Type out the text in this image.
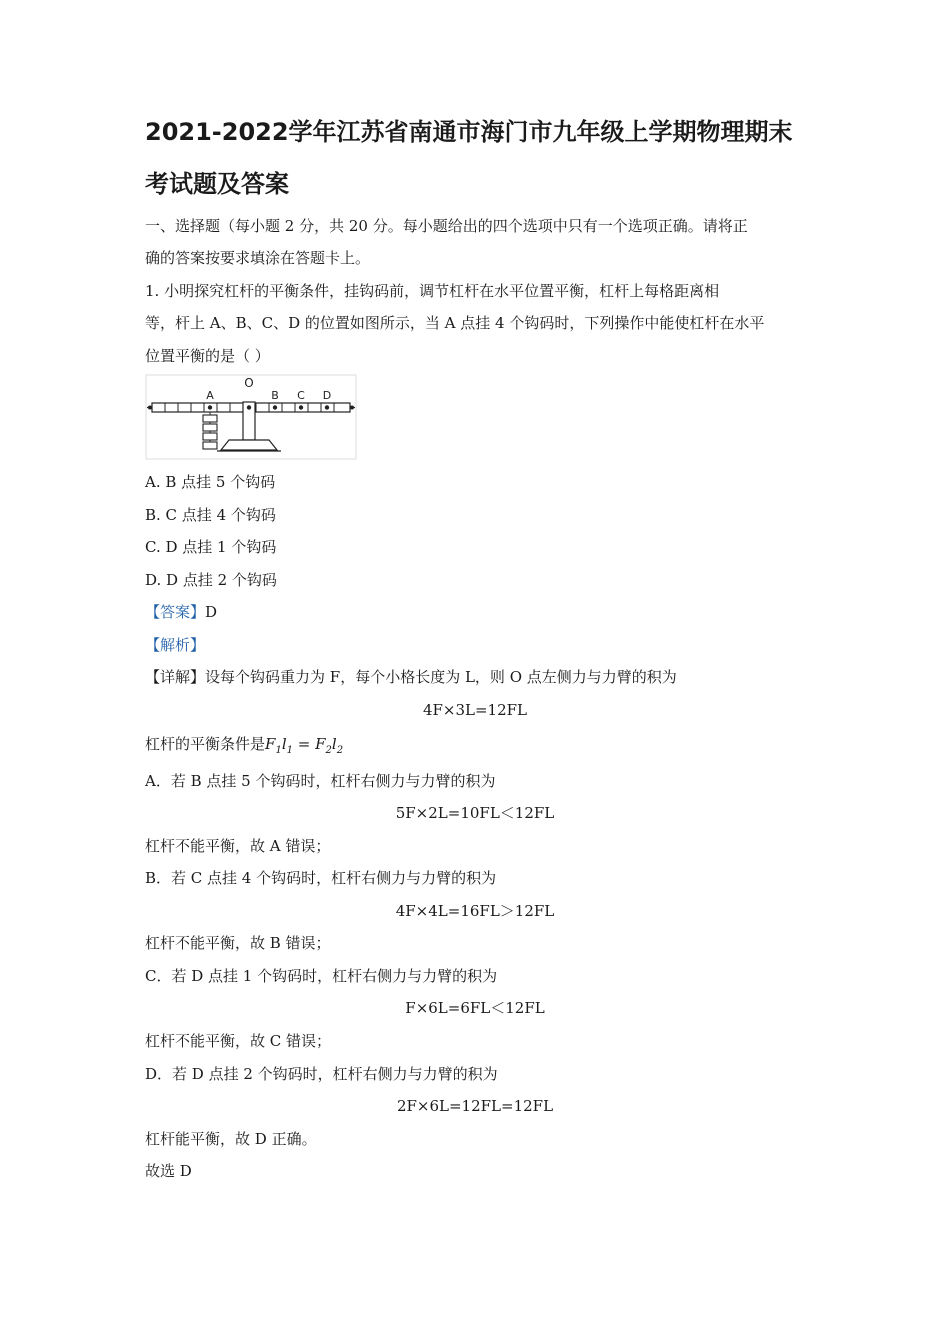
2021-2022学年江苏省南通市海门市九年级上学期物理期末
考试题及答案

一、选择题（每小题 2 分，共 20 分。每小题给出的四个选项中只有一个选项正确。请将正

确的答案按要求填涂在答题卡上。

1. 小明探究杠杆的平衡条件，挂钩码前，调节杠杆在水平位置平衡，杠杆上每格距离相

等，杆上 A、B、C、D 的位置如图所示，当 A 点挂 4 个钩码时，下列操作中能使杠杆在水平

位置平衡的是（ ）

O
A	B C D

A. B 点挂 5 个钩码

B. C 点挂 4 个钩码

C. D 点挂 1 个钩码

D. D 点挂 2 个钩码

【答案】D

【解析】

【详解】设每个钩码重力为 F，每个小格长度为 L，则 O 点左侧力与力臂的积为

4F×3L=12FL

杠杆的平衡条件是$F_1l_1 = F_2l_2$

A．若 B 点挂 5 个钩码时，杠杆右侧力与力臂的积为

5F×2L=10FL＜12FL

杠杆不能平衡，故 A 错误；

B．若 C 点挂 4 个钩码时，杠杆右侧力与力臂的积为

4F×4L=16FL＞12FL

杠杆不能平衡，故 B 错误；

C．若 D 点挂 1 个钩码时，杠杆右侧力与力臂的积为

F×6L=6FL＜12FL

杠杆不能平衡，故 C 错误；

D．若 D 点挂 2 个钩码时，杠杆右侧力与力臂的积为

2F×6L=12FL=12FL

杠杆能平衡，故 D 正确。

故选 D
